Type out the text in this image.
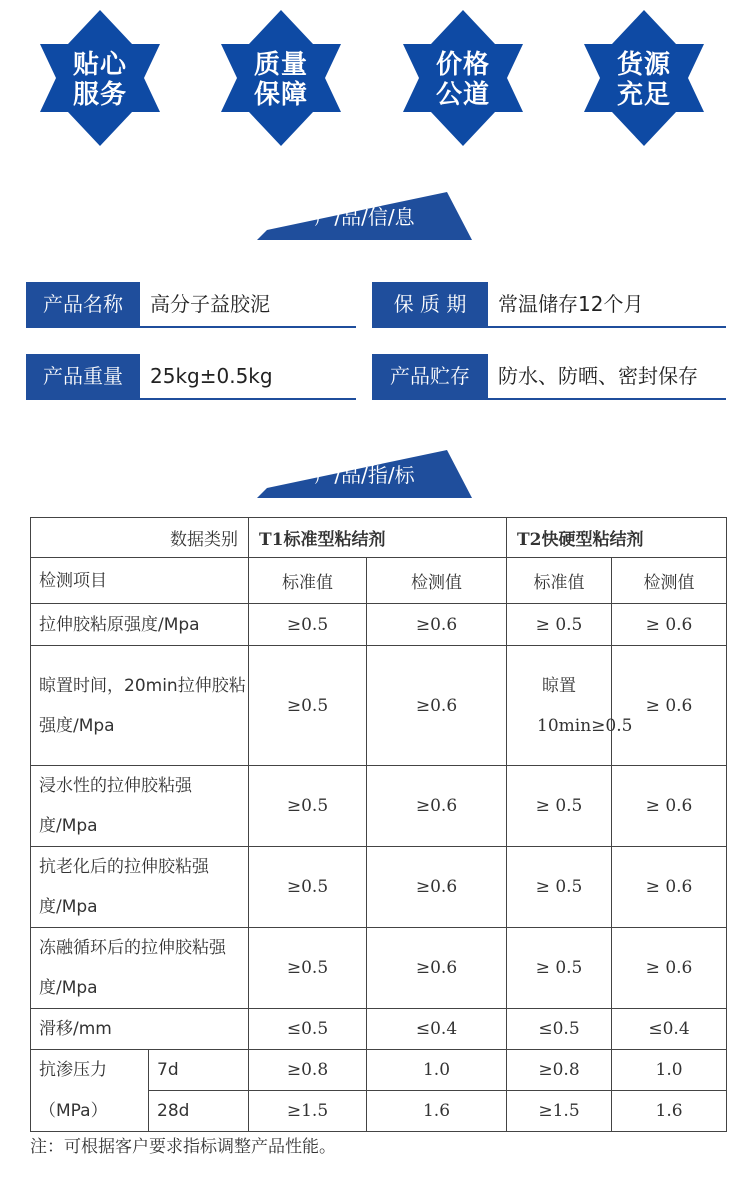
贴心
服务
质量
保障
价格
公道
货源
充足
产/品/信/息
产品名称	高分子益胶泥	保 质 期	常温储存12个月
产品重量	25kg±0.5kg	产品贮存	防水、防晒、密封保存
产/品/指/标
数据类别		T1标准型粘结剂		T2快硬型粘结剂	
检测项目		标准值	检测值	标准值	检测值
拉伸胶粘原强度/Mpa		≥0.5	≥0.6	≥ 0.5	≥ 0.6
晾置时间，20min拉伸胶粘强度/Mpa		≥0.5	≥0.6	晾置10min≥0.5	≥ 0.6
浸水性的拉伸胶粘强度/Mpa		≥0.5	≥0.6	≥ 0.5	≥ 0.6
抗老化后的拉伸胶粘强度/Mpa		≥0.5	≥0.6	≥ 0.5	≥ 0.6
冻融循环后的拉伸胶粘强度/Mpa		≥0.5	≥0.6	≥ 0.5	≥ 0.6
滑移/mm		≤0.5	≤0.4	≤0.5	≤0.4
抗渗压力	7d	≥0.8	1.0	≥0.8	1.0
（MPa）	28d	≥1.5	1.6	≥1.5	1.6
注：可根据客户要求指标调整产品性能。
